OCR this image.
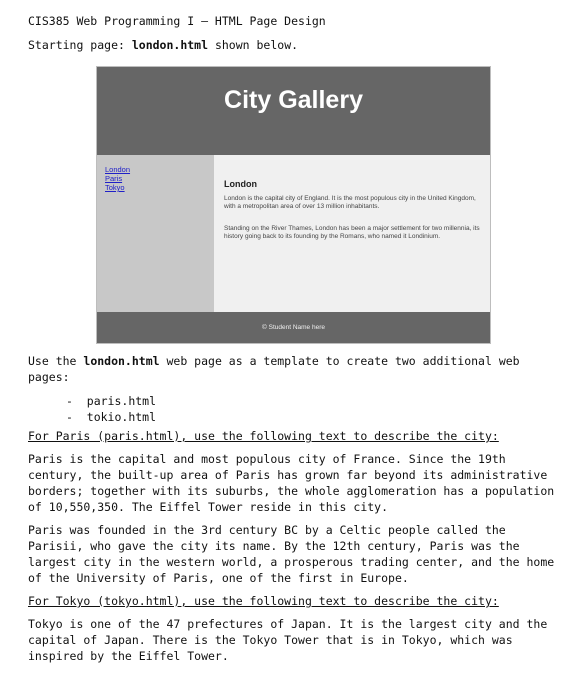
CIS385 Web Programming I – HTML Page Design
Starting page: london.html shown below.
City Gallery
London
Paris
Tokyo	London
London is the capital city of England. It is the most populous city in the United Kingdom, with a metropolitan area of over 13 million inhabitants.
Standing on the River Thames, London has been a major settlement for two millennia, its history going back to its founding by the Romans, who named it Londinium.
© Student Name here

Use the london.html web page as a template to create two additional web pages:

- paris.html
- tokio.html

For Paris (paris.html), use the following text to describe the city:

Paris is the capital and most populous city of France. Since the 19th century, the built-up area of Paris has grown far beyond its administrative borders; together with its suburbs, the whole agglomeration has a population of 10,550,350. The Eiffel Tower reside in this city.

Paris was founded in the 3rd century BC by a Celtic people called the Parisii, who gave the city its name. By the 12th century, Paris was the largest city in the western world, a prosperous trading center, and the home of the University of Paris, one of the first in Europe.

For Tokyo (tokyo.html), use the following text to describe the city:

Tokyo is one of the 47 prefectures of Japan. It is the largest city and the capital of Japan. There is the Tokyo Tower that is in Tokyo, which was inspired by the Eiffel Tower.
